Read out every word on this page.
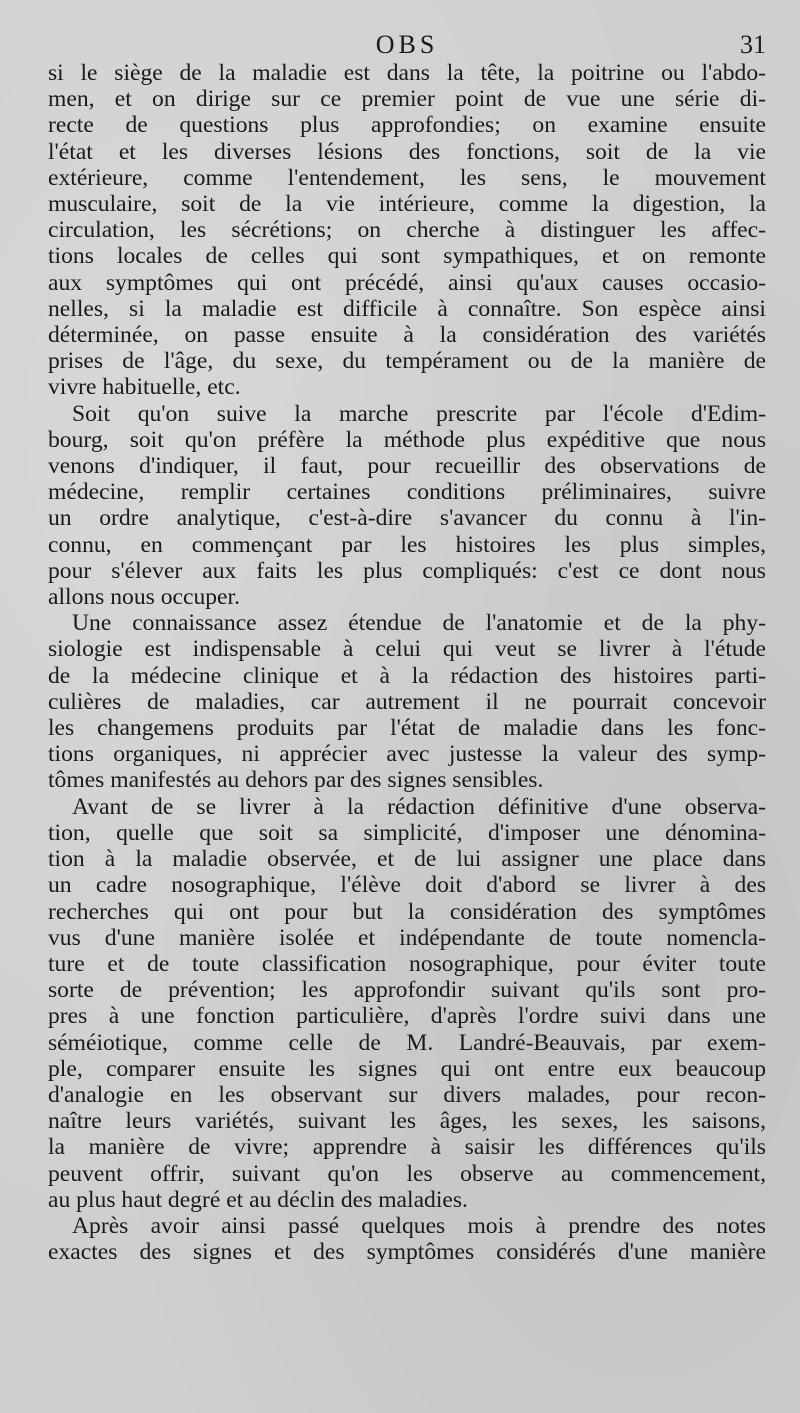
OBS	31
si le siège de la maladie est dans la tête, la poitrine ou l'abdo-
men, et on dirige sur ce premier point de vue une série di-
recte de questions plus approfondies; on examine ensuite
l'état et les diverses lésions des fonctions, soit de la vie
extérieure, comme l'entendement, les sens, le mouvement
musculaire, soit de la vie intérieure, comme la digestion, la
circulation, les sécrétions; on cherche à distinguer les affec-
tions locales de celles qui sont sympathiques, et on remonte
aux symptômes qui ont précédé, ainsi qu'aux causes occasio-
nelles, si la maladie est difficile à connaître. Son espèce ainsi
déterminée, on passe ensuite à la considération des variétés
prises de l'âge, du sexe, du tempérament ou de la manière de
vivre habituelle, etc.
Soit qu'on suive la marche prescrite par l'école d'Edim-
bourg, soit qu'on préfère la méthode plus expéditive que nous
venons d'indiquer, il faut, pour recueillir des observations de
médecine, remplir certaines conditions préliminaires, suivre
un ordre analytique, c'est-à-dire s'avancer du connu à l'in-
connu, en commençant par les histoires les plus simples,
pour s'élever aux faits les plus compliqués: c'est ce dont nous
allons nous occuper.
Une connaissance assez étendue de l'anatomie et de la phy-
siologie est indispensable à celui qui veut se livrer à l'étude
de la médecine clinique et à la rédaction des histoires parti-
culières de maladies, car autrement il ne pourrait concevoir
les changemens produits par l'état de maladie dans les fonc-
tions organiques, ni apprécier avec justesse la valeur des symp-
tômes manifestés au dehors par des signes sensibles.
Avant de se livrer à la rédaction définitive d'une observa-
tion, quelle que soit sa simplicité, d'imposer une dénomina-
tion à la maladie observée, et de lui assigner une place dans
un cadre nosographique, l'élève doit d'abord se livrer à des
recherches qui ont pour but la considération des symptômes
vus d'une manière isolée et indépendante de toute nomencla-
ture et de toute classification nosographique, pour éviter toute
sorte de prévention; les approfondir suivant qu'ils sont pro-
pres à une fonction particulière, d'après l'ordre suivi dans une
séméiotique, comme celle de M. Landré-Beauvais, par exem-
ple, comparer ensuite les signes qui ont entre eux beaucoup
d'analogie en les observant sur divers malades, pour recon-
naître leurs variétés, suivant les âges, les sexes, les saisons,
la manière de vivre; apprendre à saisir les différences qu'ils
peuvent offrir, suivant qu'on les observe au commencement,
au plus haut degré et au déclin des maladies.
Après avoir ainsi passé quelques mois à prendre des notes
exactes des signes et des symptômes considérés d'une manière
